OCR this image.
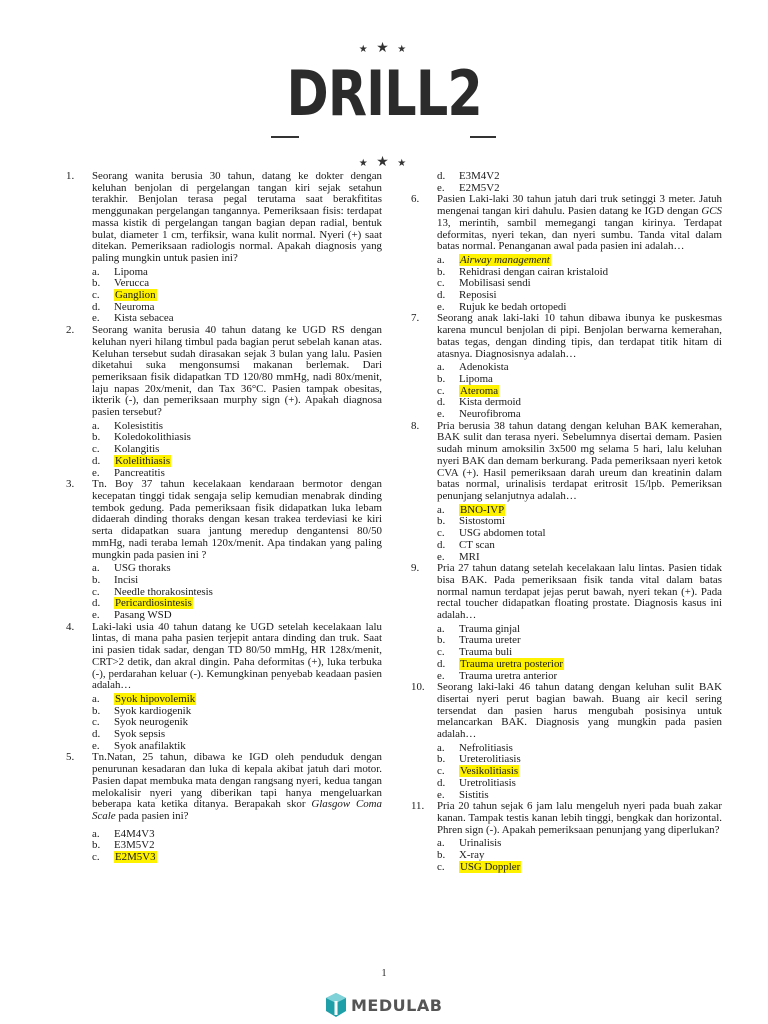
★ ★ ★
DRILL2
★ ★ ★
1.	Seorang wanita berusia 30 tahun, datang ke dokter dengan keluhan benjolan di pergelangan tangan kiri sejak setahun terakhir. Benjolan terasa pegal terutama saat berakfititas menggunakan pergelangan tangannya. Pemeriksaan fisis: terdapat massa kistik di pergelangan tangan bagian depan radial, bentuk bulat, diameter 1 cm, terfiksir, wana kulit normal. Nyeri (+) saat ditekan. Pemeriksaan radiologis normal. Apakah diagnosis yang paling mungkin untuk pasien ini?
a. Lipoma
b. Verucca
c. Ganglion
d. Neuroma
e. Kista sebacea
2.	Seorang wanita berusia 40 tahun datang ke UGD RS dengan keluhan nyeri hilang timbul pada bagian perut sebelah kanan atas. Keluhan tersebut sudah dirasakan sejak 3 bulan yang lalu. Pasien diketahui suka mengonsumsi makanan berlemak. Dari pemeriksaan fisik didapatkan TD 120/80 mmHg, nadi 80x/menit, laju napas 20x/menit, dan Tax 36°C. Pasien tampak obesitas, ikterik (-), dan pemeriksaan murphy sign (+). Apakah diagnosa pasien tersebut?
a. Kolesistitis
b. Koledokolithiasis
c. Kolangitis
d. Kolelithiasis
e. Pancreatitis
3.	Tn. Boy 37 tahun kecelakaan kendaraan bermotor dengan kecepatan tinggi tidak sengaja selip kemudian menabrak dinding tembok gedung. Pada pemeriksaan fisik didapatkan luka lebam didaerah dinding thoraks dengan kesan trakea terdeviasi ke kiri serta didapatkan suara jantung meredup dengantensi 80/50 mmHg, nadi teraba lemah 120x/menit. Apa tindakan yang paling mungkin pada pasien ini ?
a. USG thoraks
b. Incisi
c. Needle thorakosintesis
d. Pericardiosintesis
e. Pasang WSD
4.	Laki-laki usia 40 tahun datang ke UGD setelah kecelakaan lalu lintas, di mana paha pasien terjepit antara dinding dan truk. Saat ini pasien tidak sadar, dengan TD 80/50 mmHg, HR 128x/menit, CRT>2 detik, dan akral dingin. Paha deformitas (+), luka terbuka (-), perdarahan keluar (-). Kemungkinan penyebab keadaan pasien adalah…
a. Syok hipovolemik
b. Syok kardiogenik
c. Syok neurogenik
d. Syok sepsis
e. Syok anafilaktik
5.	Tn.Natan, 25 tahun, dibawa ke IGD oleh penduduk dengan penurunan kesadaran dan luka di kepala akibat jatuh dari motor. Pasien dapat membuka mata dengan rangsang nyeri, kedua tangan melokalisir nyeri yang diberikan tapi hanya mengeluarkan beberapa kata ketika ditanya. Berapakah skor Glasgow Coma Scale pada pasien ini?
a. E4M4V3
b. E3M5V2
c. E2M5V3
d. E3M4V2
e. E2M5V2
6.	Pasien Laki-laki 30 tahun jatuh dari truk setinggi 3 meter. Jatuh mengenai tangan kiri dahulu. Pasien datang ke IGD dengan GCS 13, merintih, sambil memegangi tangan kirinya. Terdapat deformitas, nyeri tekan, dan nyeri sumbu. Tanda vital dalam batas normal. Penanganan awal pada pasien ini adalah…
a. Airway management
b. Rehidrasi dengan cairan kristaloid
c. Mobilisasi sendi
d. Reposisi
e. Rujuk ke bedah ortopedi
7.	Seorang anak laki-laki 10 tahun dibawa ibunya ke puskesmas karena muncul benjolan di pipi. Benjolan berwarna kemerahan, batas tegas, dengan dinding tipis, dan terdapat titik hitam di atasnya. Diagnosisnya adalah…
a. Adenokista
b. Lipoma
c. Ateroma
d. Kista dermoid
e. Neurofibroma
8.	Pria berusia 38 tahun datang dengan keluhan BAK kemerahan, BAK sulit dan terasa nyeri. Sebelumnya disertai demam. Pasien sudah minum amoksilin 3x500 mg selama 5 hari, lalu keluhan nyeri BAK dan demam berkurang. Pada pemeriksaan nyeri ketok CVA (+). Hasil pemeriksaan darah ureum dan kreatinin dalam batas normal, urinalisis terdapat eritrosit 15/lpb. Pemeriksan penunjang selanjutnya adalah…
a. BNO-IVP
b. Sistostomi
c. USG abdomen total
d. CT scan
e. MRI
9.	Pria 27 tahun datang setelah kecelakaan lalu lintas. Pasien tidak bisa BAK. Pada pemeriksaan fisik tanda vital dalam batas normal namun terdapat jejas perut bawah, nyeri tekan (+). Pada rectal toucher didapatkan floating prostate. Diagnosis kasus ini adalah…
a. Trauma ginjal
b. Trauma ureter
c. Trauma buli
d. Trauma uretra posterior
e. Trauma uretra anterior
10.	Seorang laki-laki 46 tahun datang dengan keluhan sulit BAK disertai nyeri perut bagian bawah. Buang air kecil sering tersendat dan pasien harus mengubah posisinya untuk melancarkan BAK. Diagnosis yang mungkin pada pasien adalah…
a. Nefrolitiasis
b. Ureterolitiasis
c. Vesikolitiasis
d. Uretrolitiasis
e. Sistitis
11.	Pria 20 tahun sejak 6 jam lalu mengeluh nyeri pada buah zakar kanan. Tampak testis kanan lebih tinggi, bengkak dan horizontal. Phren sign (-). Apakah pemeriksaan penunjang yang diperlukan?
a. Urinalisis
b. X-ray
c. USG Doppler
1
MEDULAB
